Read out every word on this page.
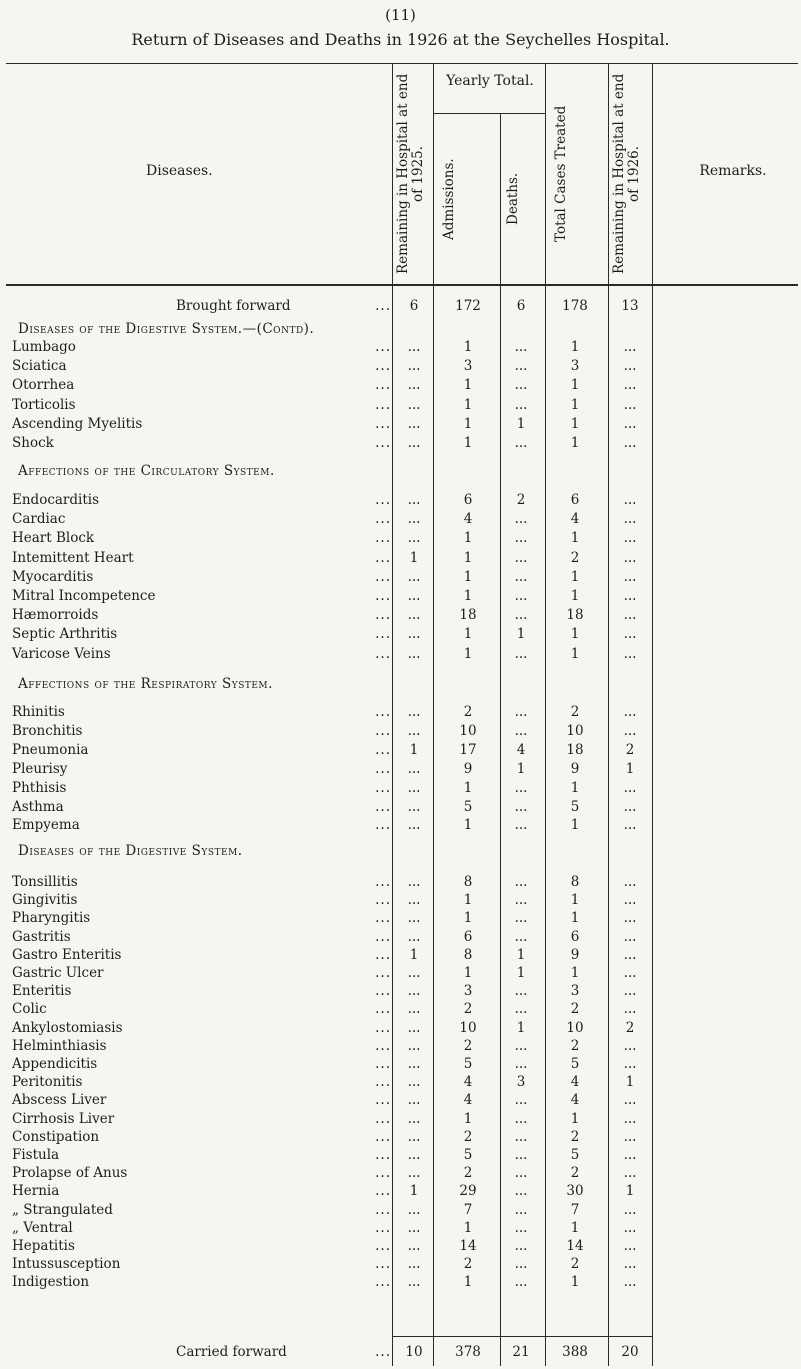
(11)
Return of Diseases and Deaths in 1926 at the Seychelles Hospital.
Diseases.	Remaining in Hospital at end of 1925.
Yearly Total.
Admissions.	Deaths.	Total Cases Treated	Remaining in Hospital at end of 1926.	Remarks.
Brought forward	...	6	172	6	178	13
Diseases of the Digestive System.—(Contd).
Lumbago	...	...	1	...	1	...
Sciatica	...	...	3	...	3	...
Otorrhea	...	...	1	...	1	...
Torticolis	...	...	1	...	1	...
Ascending Myelitis	...	...	1	1	1	...
Shock	...	...	1	...	1	...
Affections of the Circulatory System.
Endocarditis	...	...	6	2	6	...
Cardiac	...	...	4	...	4	...
Heart Block	...	...	1	...	1	...
Intemittent Heart	...	1	1	...	2	...
Myocarditis	...	...	1	...	1	...
Mitral Incompetence	...	...	1	...	1	...
Hæmorroids	...	...	18	...	18	...
Septic Arthritis	...	...	1	1	1	...
Varicose Veins	...	...	1	...	1	...
Affections of the Respiratory System.
Rhinitis	...	...	2	...	2	...
Bronchitis	...	...	10	...	10	...
Pneumonia	...	1	17	4	18	2
Pleurisy	...	...	9	1	9	1
Phthisis	...	...	1	...	1	...
Asthma	...	...	5	...	5	...
Empyema	...	...	1	...	1	...
Diseases of the Digestive System.
Tonsillitis	...	...	8	...	8	...
Gingivitis	...	...	1	...	1	...
Pharyngitis	...	...	1	...	1	...
Gastritis	...	...	6	...	6	...
Gastro Enteritis	...	1	8	1	9	...
Gastric Ulcer	...	...	1	1	1	...
Enteritis	...	...	3	...	3	...
Colic	...	...	2	...	2	...
Ankylostomiasis	...	...	10	1	10	2
Helminthiasis	...	...	2	...	2	...
Appendicitis	...	...	5	...	5	...
Peritonitis	...	...	4	3	4	1
Abscess Liver	...	...	4	...	4	...
Cirrhosis Liver	...	...	1	...	1	...
Constipation	...	...	2	...	2	...
Fistula	...	...	5	...	5	...
Prolapse of Anus	...	...	2	...	2	...
Hernia	...	1	29	...	30	1
„ Strangulated	...	...	7	...	7	...
„ Ventral	...	...	1	...	1	...
Hepatitis	...	...	14	...	14	...
Intussusception	...	...	2	...	2	...
Indigestion	...	...	1	...	1	...
Carried forward	...	10	378	21	388	20
